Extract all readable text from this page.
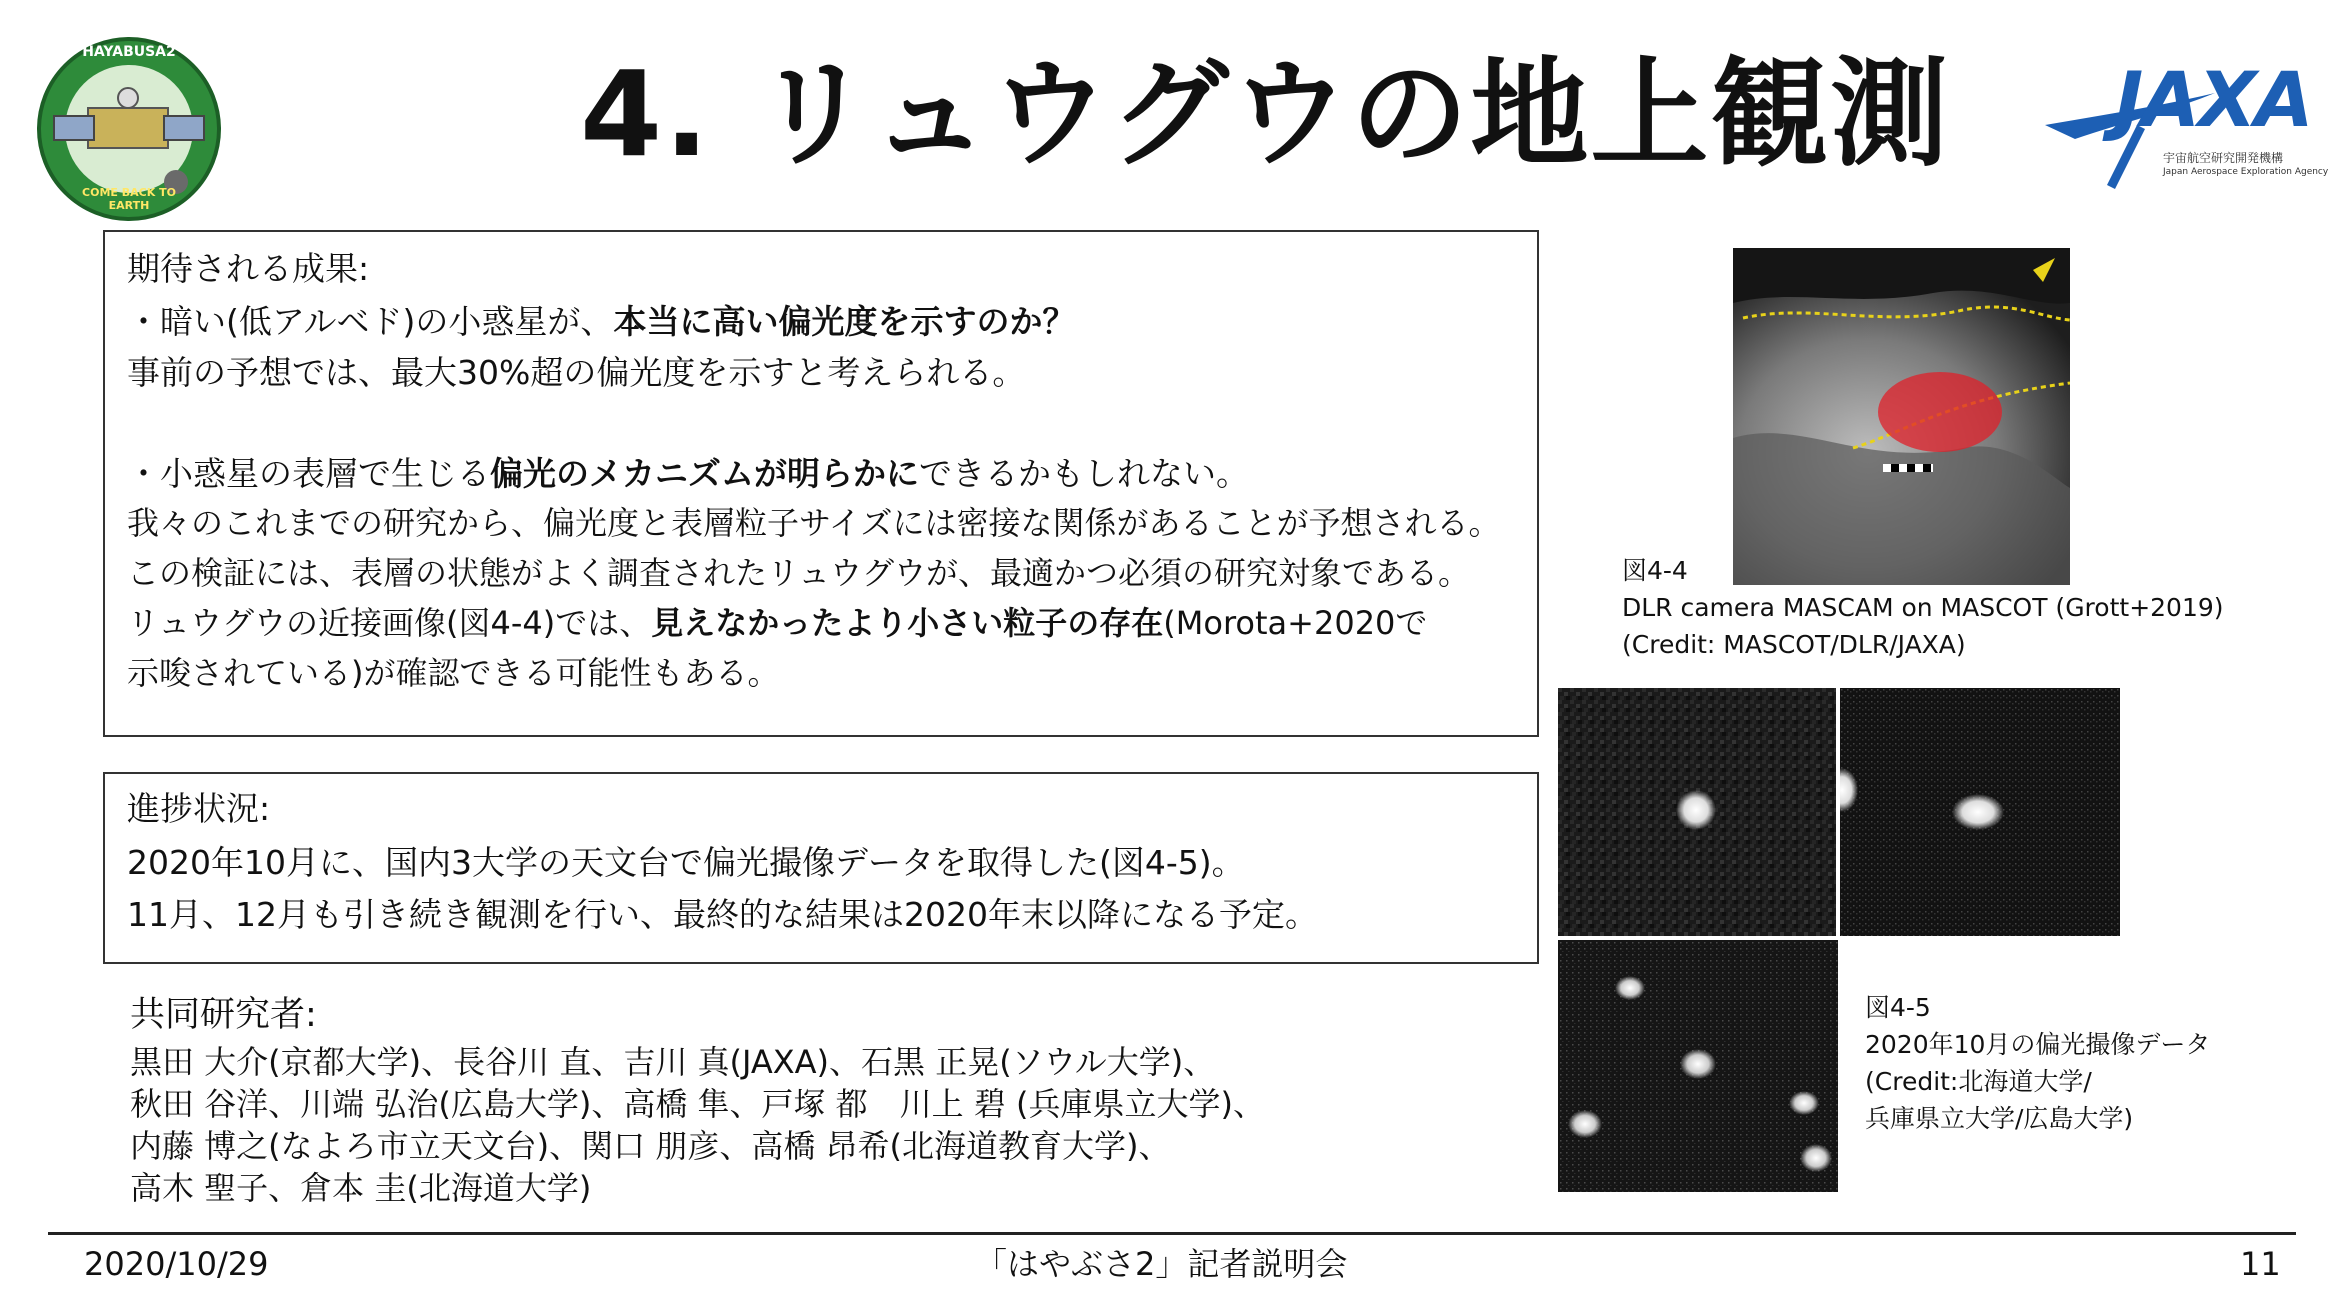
HAYABUSA2
COME BACK TO EARTH
4. リュウグウの地上観測 JAXA
宇宙航空研究開発機構
Japan Aerospace Exploration Agency
期待される成果:
・暗い(低アルベド)の小惑星が、本当に高い偏光度を示すのか？
事前の予想では、最大30%超の偏光度を示すと考えられる。
・小惑星の表層で生じる偏光のメカニズムが明らかにできるかもしれない。
我々のこれまでの研究から、偏光度と表層粒子サイズには密接な関係があることが予想される。
この検証には、表層の状態がよく調査されたリュウグウが、最適かつ必須の研究対象である。
リュウグウの近接画像(図4-4)では、見えなかったより小さい粒子の存在(Morota+2020で
示唆されている)が確認できる可能性もある。
進捗状況:
2020年10月に、国内3大学の天文台で偏光撮像データを取得した(図4-5)。
11月、12月も引き続き観測を行い、最終的な結果は2020年末以降になる予定。
共同研究者:
黒田 大介(京都大学)、長谷川 直、吉川 真(JAXA)、石黒 正晃(ソウル大学)、
秋田 谷洋、川端 弘治(広島大学)、高橋 隼、戸塚 都　川上 碧 (兵庫県立大学)、
内藤 博之(なよろ市立天文台)、関口 朋彦、高橋 昂希(北海道教育大学)、
高木 聖子、倉本 圭(北海道大学)
図4-4
DLR camera MASCAM on MASCOT (Grott+2019)
(Credit: MASCOT/DLR/JAXA)
図4-5
2020年10月の偏光撮像データ
(Credit:北海道大学/
兵庫県立大学/広島大学)
2020/10/29	「はやぶさ2」記者説明会	11
